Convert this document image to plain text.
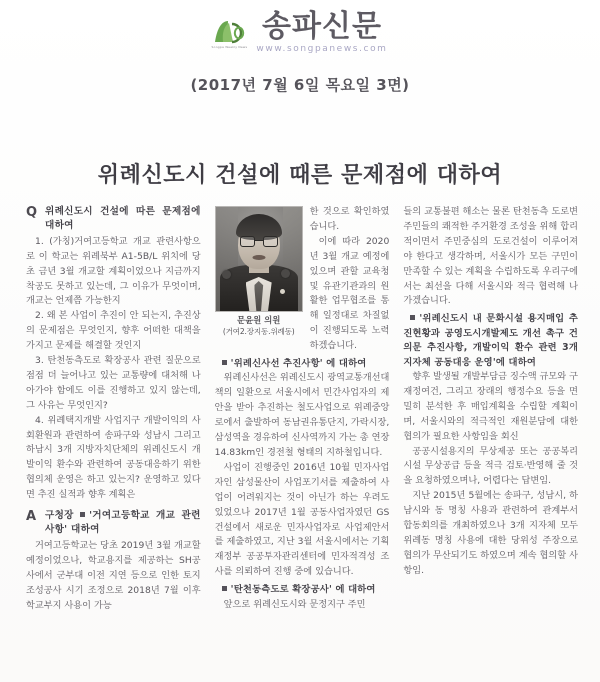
Songpa Weekly News
송파신문
www.songpanews.com
(2017년 7월 6일 목요일 3면)
위례신도시 건설에 때른 문제점에 대하여
Q 위례신도시 건설에 따른 문제점에 대하여

1. (가칭)거여고등학교 개교 관련사항으로 이 학교는 위례북부 A1-5B/L 위치에 당초 금년 3월 개교할 계획이었으나 지금까지 착공도 못하고 있는데, 그 이유가 무엇이며, 개교는 언제쯤 가능한지

2. 왜 본 사업이 추진이 안 되는지, 추진상의 문제점은 무엇인지, 향후 어떠한 대책을 가지고 문제를 해결할 것인지

3. 탄천동측도로 확장공사 관련 질문으로 점점 더 늘어나고 있는 교통량에 대처해 나아가야 함에도 이를 진행하고 있지 않는데, 그 사유는 무엇인지?

4. 위례택지개발 사업지구 개발이익의 사회환원과 관련하여 송파구와 성남시 그리고 하남시 3개 지방자치단체의 위례신도시 개발이익 환수와 관련하여 공동대응하기 위한 협의체 운영은 하고 있는지? 운영하고 있다면 추진 실적과 향후 계획은

A 구청장 '거여고등학교 개교 관련사항' 대하여

거여고등학교는 당초 2019년 3월 개교할 예정이었으나, 학교용지를 제공하는 SH공사에서 군부대 이전 지연 등으로 인한 토지 조성공사 시기 조정으로 2018년 7월 이후 학교부지 사용이 가능

문윤원 의원
(거여2.장지동.위례동)

한 것으로 확인하였습니다.

이에 따라 2020년 3월 개교 예정에 있으며 관할 교육청 및 유관기관과의 원활한 업무협조를 통해 일정대로 차질없이 진행되도록 노력하겠습니다.

'위례신사선 추진사항' 에 대하여

위례신사선은 위례신도시 광역교통개선대책의 일환으로 서울시에서 민간사업자의 제안을 받아 추진하는 철도사업으로 위례중앙로에서 출발하여 동남권유통단지, 가락시장, 삼성역을 경유하여 신사역까지 가는 총 연장 14.83km인 경전철 형태의 지하철입니다.

사업이 진행중인 2016년 10월 민자사업자인 삼성물산이 사업포기서를 제출하여 사업이 어려워지는 것이 아닌가 하는 우려도 있었으나 2017년 1월 공동사업자였던 GS건설에서 새로운 민자사업자로 사업제안서를 제출하였고, 지난 3월 서울시에서는 기획재정부 공공투자관리센터에 민자적격성 조사를 의뢰하여 진행 중에 있습니다.

'탄천동측도로 확장공사' 에 대하여

앞으로 위례신도시와 문정지구 주민

들의 교통불편 해소는 물론 탄천동측 도로변 주민들의 쾌적한 주거환경 조성을 위해 합리적이면서 주민중심의 도로건설이 이루어져야 한다고 생각하며, 서울시가 모든 구민이 만족할 수 있는 계획을 수립하도록 우리구에서는 최선을 다해 서울시와 적극 협력해 나가겠습니다.

'위례신도시 내 문화시설 용지매입 추진현황과 공영도시개발제도 개선 촉구 건의문 추진사항, 개발이익 환수 관련 3개 지자체 공동대응 운영'에 대하여

향후 발생될 개발부담금 징수액 규모와 구 재정여건, 그리고 장래의 행정수요 등을 면밀히 분석한 후 매입계획을 수립할 계획이며, 서울시와의 적극적인 재원분담에 대한 협의가 필요한 사항임을 회신

공공시설용지의 무상제공 또는 공공복리시설 무상공급 등을 적극 검토·반영해 줄 것을 요청하였으며나, 어렵다는 답변임.

지난 2015년 5월에는 송파구, 성남시, 하남시와 동 명칭 사용과 관련하여 관계부서 합동회의를 개최하였으나 3개 지자체 모두 위례동 명칭 사용에 대한 당위성 주장으로 협의가 무산되기도 하였으며 계속 협의할 사항임.
